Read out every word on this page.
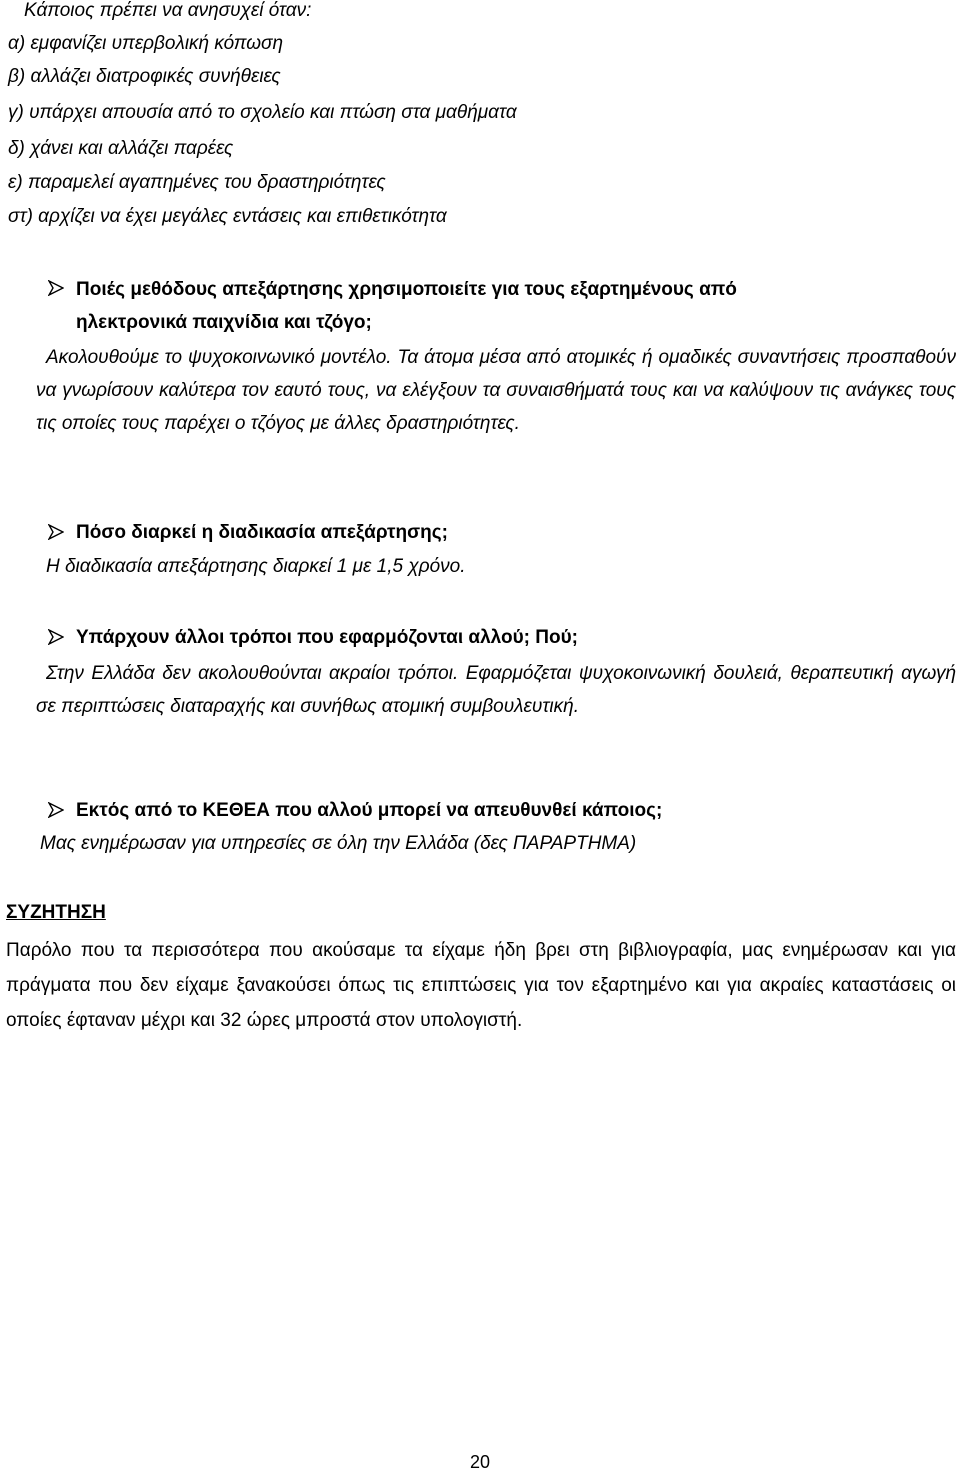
Κάποιος πρέπει να ανησυχεί όταν:
α) εμφανίζει υπερβολική κόπωση
β) αλλάζει διατροφικές συνήθειες
γ) υπάρχει απουσία από το σχολείο και πτώση στα μαθήματα
δ) χάνει και αλλάζει παρέες
ε) παραμελεί αγαπημένες του δραστηριότητες
στ) αρχίζει να έχει μεγάλες εντάσεις και επιθετικότητα
Ποιές μεθόδους απεξάρτησης χρησιμοποιείτε για τους εξαρτημένους από
ηλεκτρονικά παιχνίδια και τζόγο;
Ακολουθούμε το ψυχοκοινωνικό μοντέλο. Τα άτομα μέσα από ατομικές ή ομαδικές συναντήσεις προσπαθούν να γνωρίσουν καλύτερα τον εαυτό τους, να ελέγξουν τα συναισθήματά τους και να καλύψουν τις ανάγκες τους τις οποίες τους παρέχει ο τζόγος με άλλες δραστηριότητες.
Πόσο διαρκεί η διαδικασία απεξάρτησης;
Η διαδικασία απεξάρτησης διαρκεί 1 με 1,5 χρόνο.
Υπάρχουν άλλοι τρόποι που εφαρμόζονται αλλού; Πού;
Στην Ελλάδα δεν ακολουθούνται ακραίοι τρόποι. Εφαρμόζεται ψυχοκοινωνική δουλειά, θεραπευτική αγωγή σε περιπτώσεις διαταραχής και συνήθως ατομική συμβουλευτική.
Εκτός από το ΚΕΘΕΑ που αλλού μπορεί να απευθυνθεί κάποιος;
Μας ενημέρωσαν για υπηρεσίες σε όλη την Ελλάδα (δες ΠΑΡΑΡΤΗΜΑ)
ΣΥΖΗΤΗΣΗ
Παρόλο που τα περισσότερα που ακούσαμε τα είχαμε ήδη βρει στη βιβλιογραφία, μας ενημέρωσαν και για πράγματα που δεν είχαμε ξανακούσει όπως τις επιπτώσεις για τον εξαρτημένο και για ακραίες καταστάσεις οι οποίες έφταναν μέχρι και 32 ώρες μπροστά στον υπολογιστή.
20
